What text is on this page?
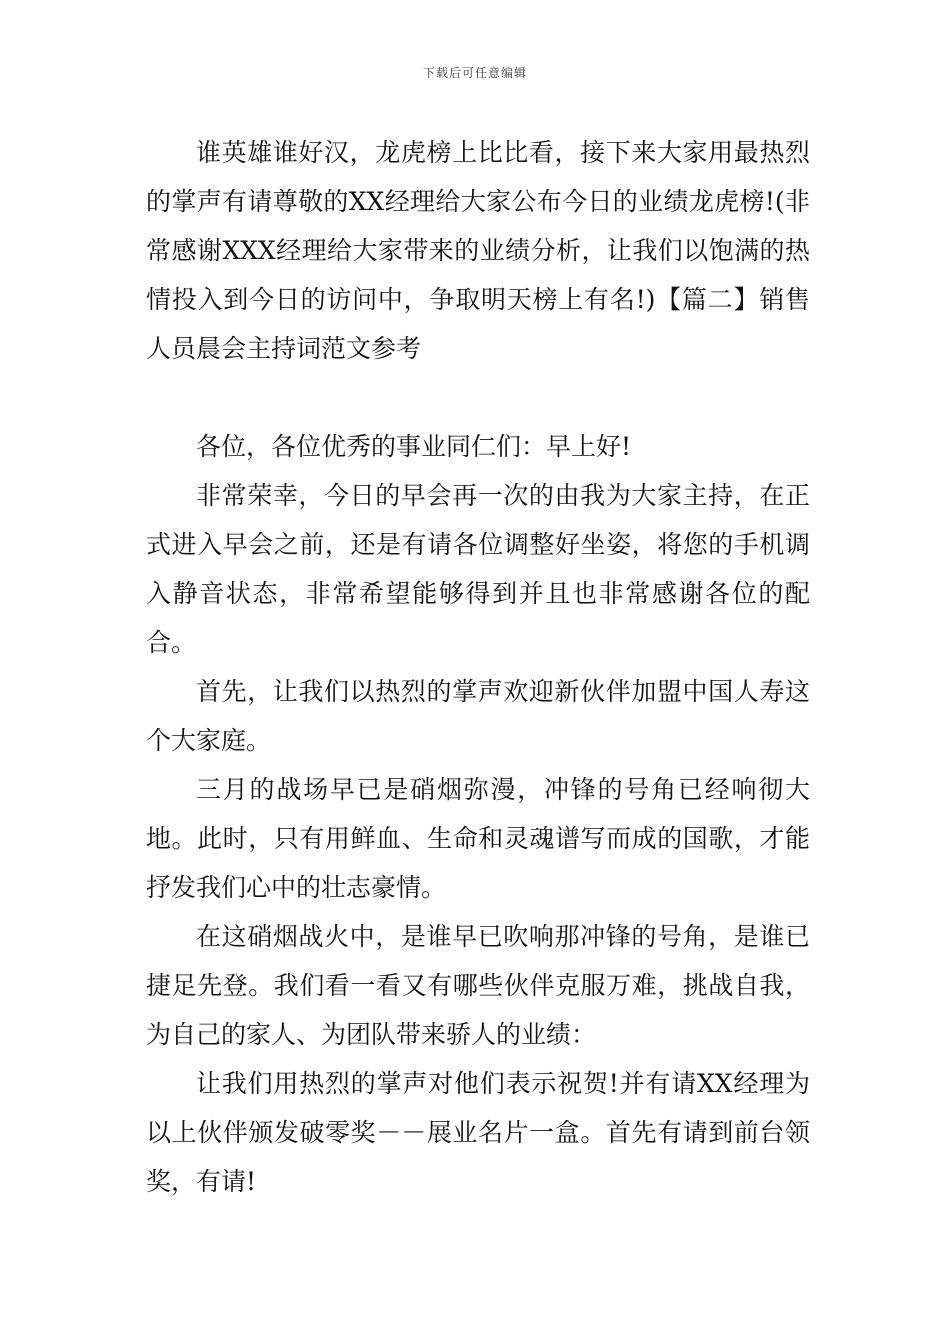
下载后可任意编辑

谁英雄谁好汉，龙虎榜上比比看，接下来大家用最热烈的掌声有请尊敬的XX经理给大家公布今日的业绩龙虎榜!(非常感谢XXX经理给大家带来的业绩分析，让我们以饱满的热情投入到今日的访问中，争取明天榜上有名!)【篇二】销售人员晨会主持词范文参考

各位，各位优秀的事业同仁们：早上好!

非常荣幸，今日的早会再一次的由我为大家主持，在正式进入早会之前，还是有请各位调整好坐姿，将您的手机调入静音状态，非常希望能够得到并且也非常感谢各位的配合。

首先，让我们以热烈的掌声欢迎新伙伴加盟中国人寿这个大家庭。

三月的战场早已是硝烟弥漫，冲锋的号角已经响彻大地。此时，只有用鲜血、生命和灵魂谱写而成的国歌，才能抒发我们心中的壮志豪情。

在这硝烟战火中，是谁早已吹响那冲锋的号角，是谁已捷足先登。我们看一看又有哪些伙伴克服万难，挑战自我，为自己的家人、为团队带来骄人的业绩：

让我们用热烈的掌声对他们表示祝贺!并有请XX经理为以上伙伴颁发破零奖－－展业名片一盒。首先有请到前台领奖，有请!
